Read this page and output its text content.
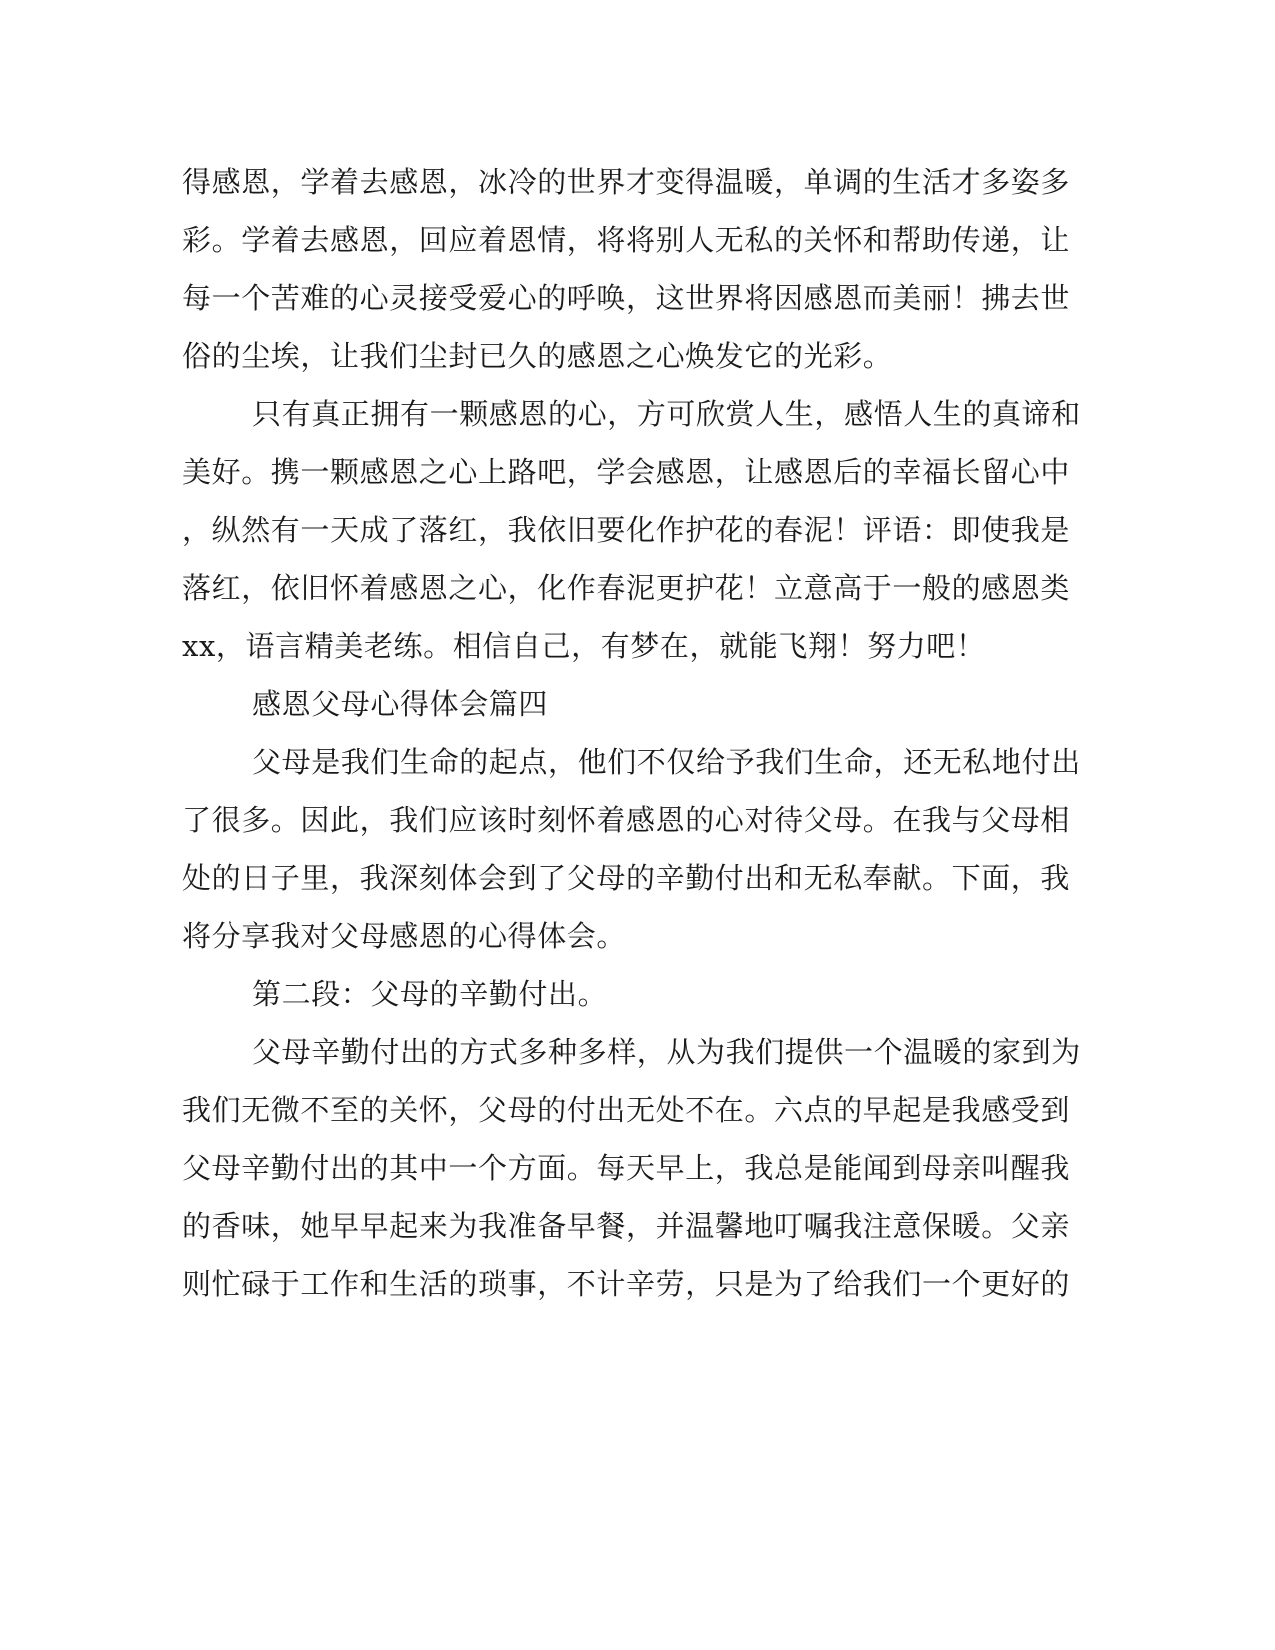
得感恩，学着去感恩，冰冷的世界才变得温暖，单调的生活才多姿多

彩。学着去感恩，回应着恩情，将将别人无私的关怀和帮助传递，让

每一个苦难的心灵接受爱心的呼唤，这世界将因感恩而美丽！拂去世

俗的尘埃，让我们尘封已久的感恩之心焕发它的光彩。

只有真正拥有一颗感恩的心，方可欣赏人生，感悟人生的真谛和

美好。携一颗感恩之心上路吧，学会感恩，让感恩后的幸福长留心中

，纵然有一天成了落红，我依旧要化作护花的春泥！评语：即使我是

落红，依旧怀着感恩之心，化作春泥更护花！立意高于一般的感恩类

xx，语言精美老练。相信自己，有梦在，就能飞翔！努力吧！

感恩父母心得体会篇四

父母是我们生命的起点，他们不仅给予我们生命，还无私地付出

了很多。因此，我们应该时刻怀着感恩的心对待父母。在我与父母相

处的日子里，我深刻体会到了父母的辛勤付出和无私奉献。下面，我

将分享我对父母感恩的心得体会。

第二段：父母的辛勤付出。

父母辛勤付出的方式多种多样，从为我们提供一个温暖的家到为

我们无微不至的关怀，父母的付出无处不在。六点的早起是我感受到

父母辛勤付出的其中一个方面。每天早上，我总是能闻到母亲叫醒我

的香味，她早早起来为我准备早餐，并温馨地叮嘱我注意保暖。父亲

则忙碌于工作和生活的琐事，不计辛劳，只是为了给我们一个更好的
